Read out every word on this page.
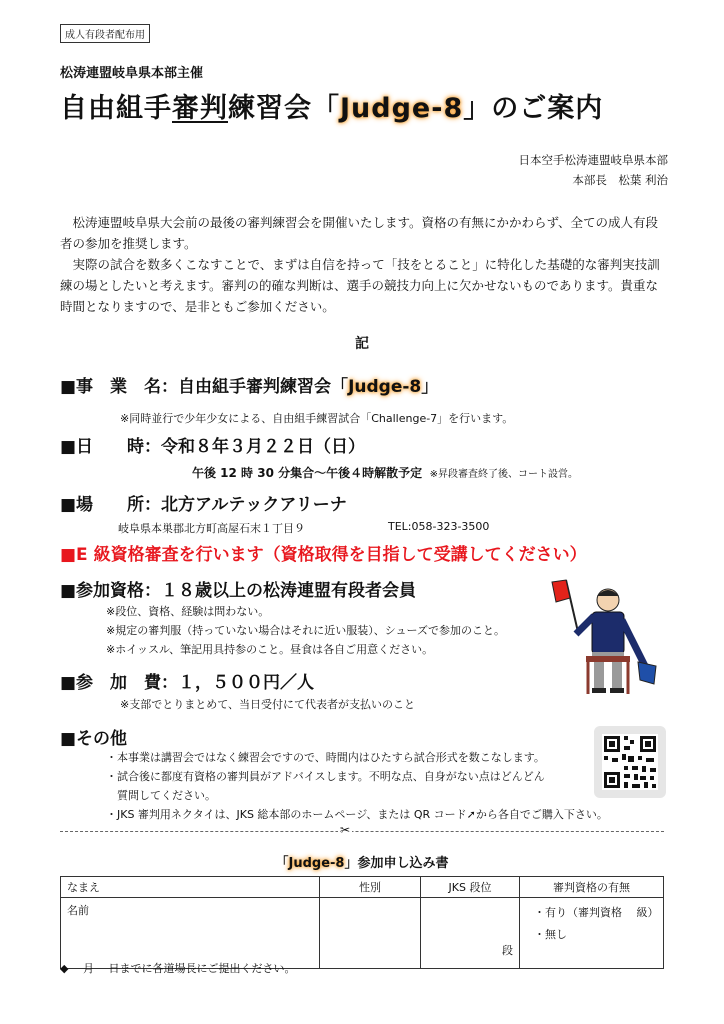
成人有段者配布用
松涛連盟岐阜県本部主催
自由組手審判練習会「Judge-8」のご案内
日本空手松涛連盟岐阜県本部
本部長　松葉 利治

松涛連盟岐阜県大会前の最後の審判練習会を開催いたします。資格の有無にかかわらず、全ての成人有段者の参加を推奨します。

実際の試合を数多くこなすことで、まずは自信を持って「技をとること」に特化した基礎的な審判実技訓練の場としたいと考えます。審判の的確な判断は、選手の競技力向上に欠かせないものであります。貴重な時間となりますので、是非ともご参加ください。

記
■事　業　名：自由組手審判練習会「Judge-8」
※同時並行で少年少女による、自由組手練習試合「Challenge-7」を行います。
■日　　時：令和８年３月２２日（日）
午後 12 時 30 分集合～午後４時解散予定 ※昇段審査終了後、コート設営。
■場　　所：北方アルテックアリーナ
岐阜県本巣郡北方町高屋石末１丁目９	TEL:058-323-3500
■E 級資格審査を行います（資格取得を目指して受講してください）
■参加資格：１８歳以上の松涛連盟有段者会員
※段位、資格、経験は問わない。
※規定の審判服（持っていない場合はそれに近い服装）、シューズで参加のこと。
※ホイッスル、筆記用具持参のこと。昼食は各自ご用意ください。
■参　加　費：１，５００円／人
※支部でとりまとめて、当日受付にて代表者が支払いのこと
■その他
・本事業は講習会ではなく練習会ですので、時間内はひたすら試合形式を数こなします。
・試合後に都度有資格の審判員がアドバイスします。不明な点、自身がない点はどんどん
　質問してください。
・JKS 審判用ネクタイは、JKS 総本部のホームページ、または QR コード➚から各自でご購入下さい。
✂
「Judge-8」参加申し込み書
なまえ	性別	JKS 段位	審判資格の有無
名前		段	・有り（審判資格　 級）
・無し
◆　 月　 日までに各道場長にご提出ください。
